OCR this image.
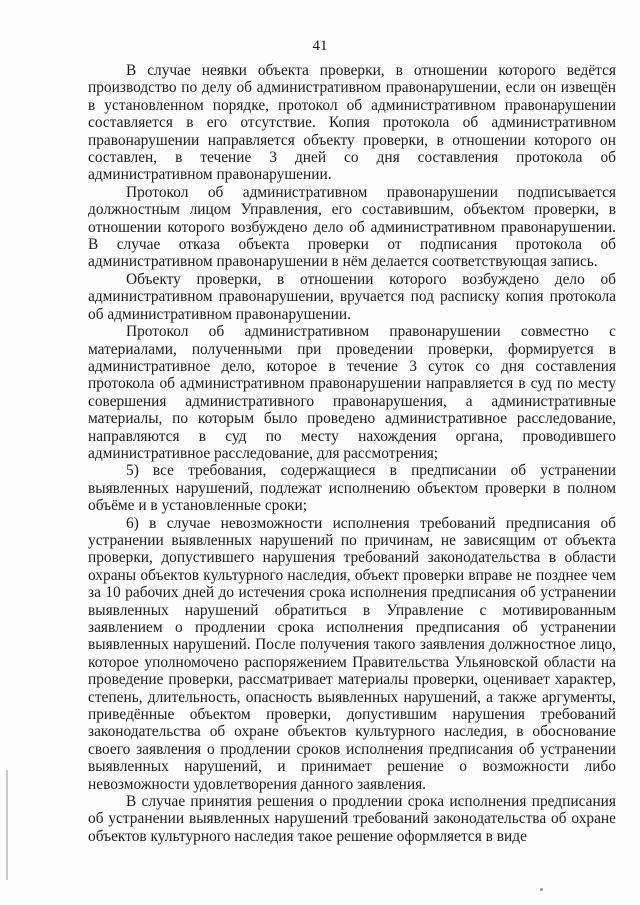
41

В случае неявки объекта проверки, в отношении которого ведётся производство по делу об административном правонарушении, если он извещён в установленном порядке, протокол об административном правонарушении составляется в его отсутствие. Копия протокола об административном правонарушении направляется объекту проверки, в отношении которого он составлен, в течение 3 дней со дня составления протокола об административном правонарушении.

Протокол об административном правонарушении подписывается должностным лицом Управления, его составившим, объектом проверки, в отношении которого возбуждено дело об административном правонарушении. В случае отказа объекта проверки от подписания протокола об административном правонарушении в нём делается соответствующая запись.

Объекту проверки, в отношении которого возбуждено дело об административном правонарушении, вручается под расписку копия протокола об административном правонарушении.

Протокол об административном правонарушении совместно с материалами, полученными при проведении проверки, формируется в административное дело, которое в течение 3 суток со дня составления протокола об административном правонарушении направляется в суд по месту совершения административного правонарушения, а административные материалы, по которым было проведено административное расследование, направляются в суд по месту нахождения органа, проводившего административное расследование, для рассмотрения;

5) все требования, содержащиеся в предписании об устранении выявленных нарушений, подлежат исполнению объектом проверки в полном объёме и в установленные сроки;

6) в случае невозможности исполнения требований предписания об устранении выявленных нарушений по причинам, не зависящим от объекта проверки, допустившего нарушения требований законодательства в области охраны объектов культурного наследия, объект проверки вправе не позднее чем за 10 рабочих дней до истечения срока исполнения предписания об устранении выявленных нарушений обратиться в Управление с мотивированным заявлением о продлении срока исполнения предписания об устранении выявленных нарушений. После получения такого заявления должностное лицо, которое уполномочено распоряжением Правительства Ульяновской области на проведение проверки, рассматривает материалы проверки, оценивает характер, степень, длительность, опасность выявленных нарушений, а также аргументы, приведённые объектом проверки, допустившим нарушения требований законодательства об охране объектов культурного наследия, в обоснование своего заявления о продлении сроков исполнения предписания об устранении выявленных нарушений, и принимает решение о возможности либо невозможности удовлетворения данного заявления.

В случае принятия решения о продлении срока исполнения предписания об устранении выявленных нарушений требований законодательства об охране объектов культурного наследия такое решение оформляется в виде
